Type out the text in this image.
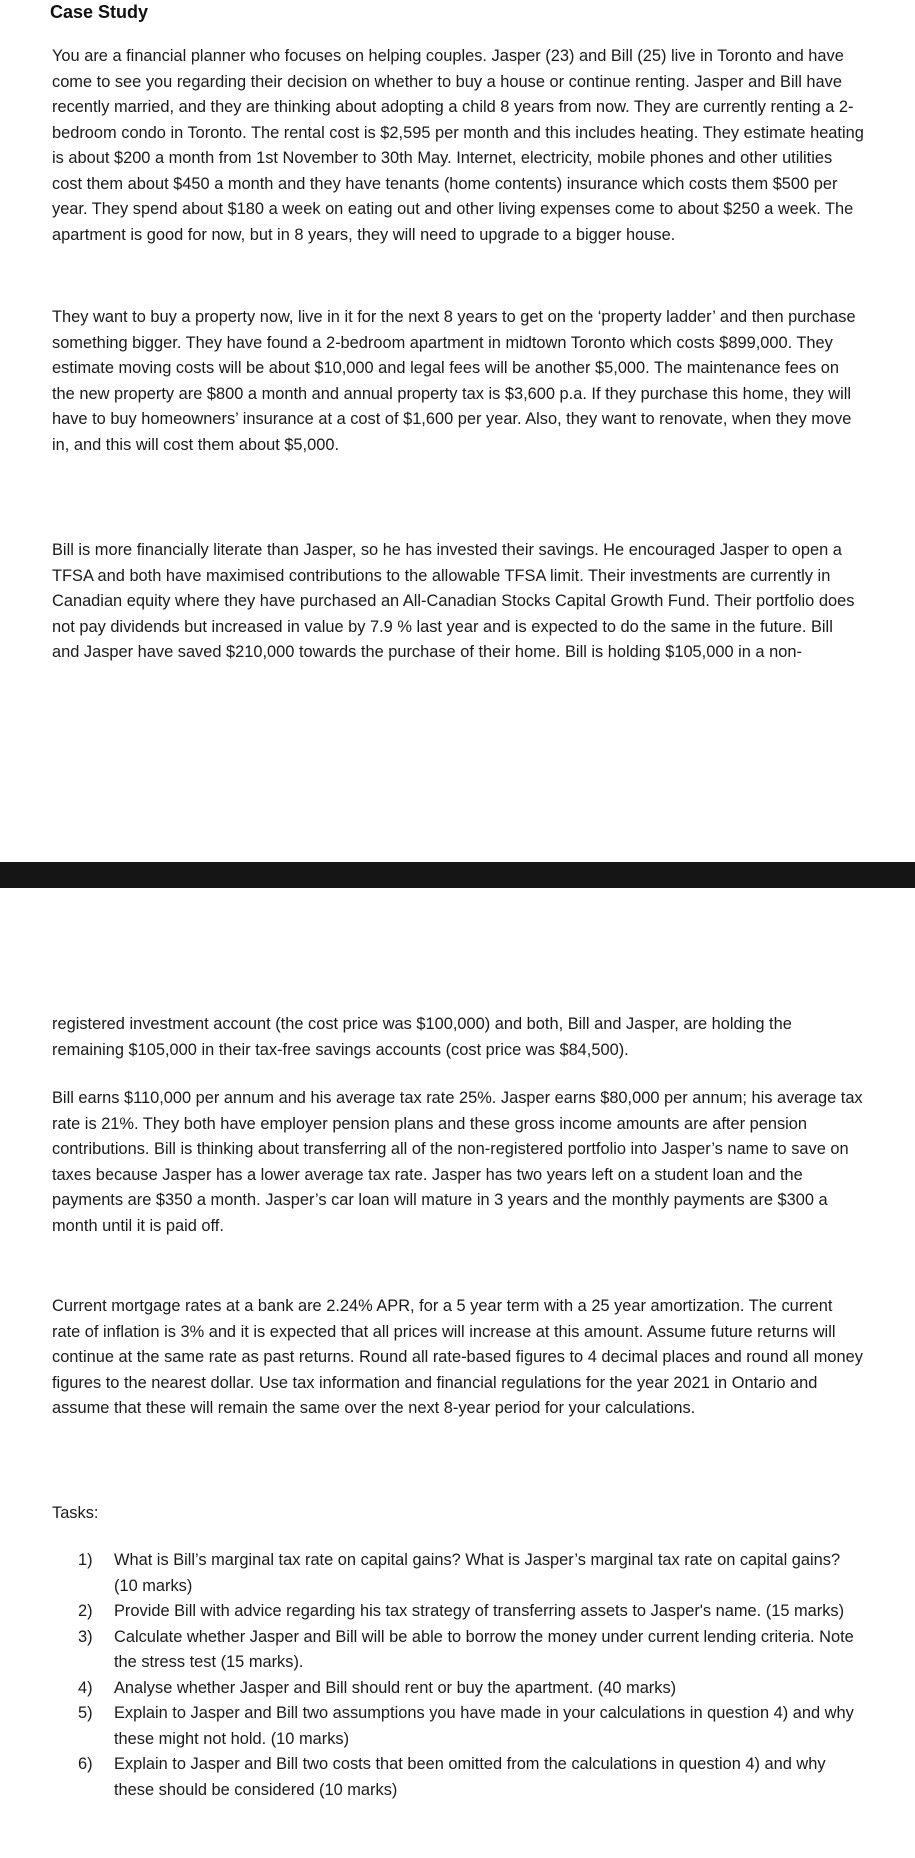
Case Study

You are a financial planner who focuses on helping couples. Jasper (23) and Bill (25) live in Toronto and have come to see you regarding their decision on whether to buy a house or continue renting. Jasper and Bill have recently married, and they are thinking about adopting a child 8 years from now. They are currently renting a 2-bedroom condo in Toronto. The rental cost is $2,595 per month and this includes heating. They estimate heating is about $200 a month from 1st November to 30th May. Internet, electricity, mobile phones and other utilities cost them about $450 a month and they have tenants (home contents) insurance which costs them $500 per year. They spend about $180 a week on eating out and other living expenses come to about $250 a week. The apartment is good for now, but in 8 years, they will need to upgrade to a bigger house.

They want to buy a property now, live in it for the next 8 years to get on the ‘property ladder’ and then purchase something bigger. They have found a 2-bedroom apartment in midtown Toronto which costs $899,000. They estimate moving costs will be about $10,000 and legal fees will be another $5,000. The maintenance fees on the new property are $800 a month and annual property tax is $3,600 p.a. If they purchase this home, they will have to buy homeowners’ insurance at a cost of $1,600 per year. Also, they want to renovate, when they move in, and this will cost them about $5,000.

Bill is more financially literate than Jasper, so he has invested their savings. He encouraged Jasper to open a TFSA and both have maximised contributions to the allowable TFSA limit. Their investments are currently in Canadian equity where they have purchased an All-Canadian Stocks Capital Growth Fund. Their portfolio does not pay dividends but increased in value by 7.9 % last year and is expected to do the same in the future. Bill and Jasper have saved $210,000 towards the purchase of their home. Bill is holding $105,000 in a non-

registered investment account (the cost price was $100,000) and both, Bill and Jasper, are holding the remaining $105,000 in their tax-free savings accounts (cost price was $84,500).

Bill earns $110,000 per annum and his average tax rate 25%. Jasper earns $80,000 per annum; his average tax rate is 21%. They both have employer pension plans and these gross income amounts are after pension contributions. Bill is thinking about transferring all of the non-registered portfolio into Jasper’s name to save on taxes because Jasper has a lower average tax rate. Jasper has two years left on a student loan and the payments are $350 a month. Jasper’s car loan will mature in 3 years and the monthly payments are $300 a month until it is paid off.

Current mortgage rates at a bank are 2.24% APR, for a 5 year term with a 25 year amortization. The current rate of inflation is 3% and it is expected that all prices will increase at this amount. Assume future returns will continue at the same rate as past returns. Round all rate-based figures to 4 decimal places and round all money figures to the nearest dollar. Use tax information and financial regulations for the year 2021 in Ontario and assume that these will remain the same over the next 8-year period for your calculations.

Tasks:
1)	What is Bill’s marginal tax rate on capital gains? What is Jasper’s marginal tax rate on capital gains? (10 marks)
2)	Provide Bill with advice regarding his tax strategy of transferring assets to Jasper's name. (15 marks)
3)	Calculate whether Jasper and Bill will be able to borrow the money under current lending criteria. Note the stress test (15 marks).
4)	Analyse whether Jasper and Bill should rent or buy the apartment. (40 marks)
5)	Explain to Jasper and Bill two assumptions you have made in your calculations in question 4) and why these might not hold. (10 marks)
6)	Explain to Jasper and Bill two costs that been omitted from the calculations in question 4) and why these should be considered (10 marks)
